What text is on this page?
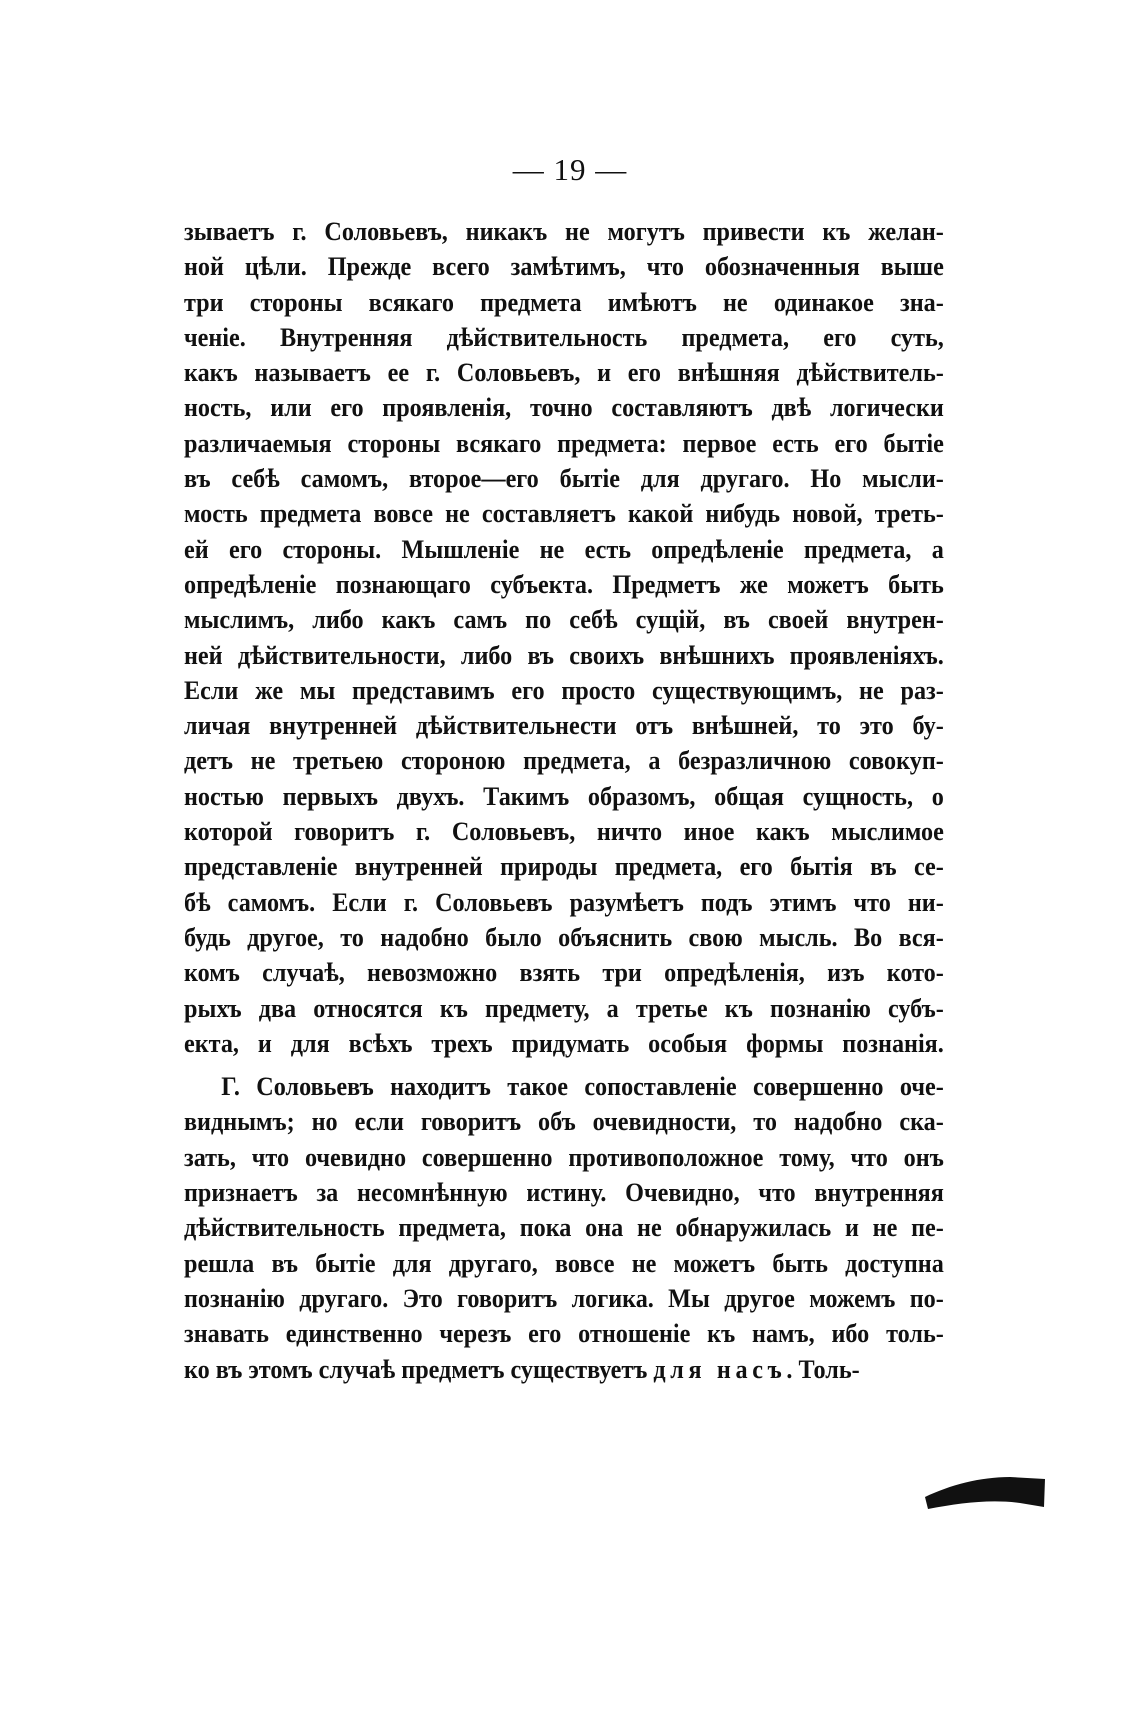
— 19 —
зываетъ г. Соловьевъ, никакъ не могутъ привести къ желан-
ной цѣли. Прежде всего замѣтимъ, что обозначенныя выше
три стороны всякаго предмета имѣютъ не одинакое зна-
ченіе. Внутренняя дѣйствительность предмета, его суть,
какъ называетъ ее г. Соловьевъ, и его внѣшняя дѣйствитель-
ность, или его проявленія, точно составляютъ двѣ логически
различаемыя стороны всякаго предмета: первое есть его бытіе
въ себѣ самомъ, второе—его бытіе для другаго. Но мысли-
мость предмета вовсе не составляетъ какой нибудь новой, треть-
ей его стороны. Мышленіе не есть опредѣленіе предмета, а
опредѣленіе познающаго субъекта. Предметъ же можетъ быть
мыслимъ, либо какъ самъ по себѣ сущій, въ своей внутрен-
ней дѣйствительности, либо въ своихъ внѣшнихъ проявленіяхъ.
Если же мы представимъ его просто существующимъ, не раз-
личая внутренней дѣйствительнести отъ внѣшней, то это бу-
детъ не третьею стороною предмета, а безразличною совокуп-
ностью первыхъ двухъ. Такимъ образомъ, общая сущность, о
которой говоритъ г. Соловьевъ, ничто иное какъ мыслимое
представленіе внутренней природы предмета, его бытія въ се-
бѣ самомъ. Если г. Соловьевъ разумѣетъ подъ этимъ что ни-
будь другое, то надобно было объяснить свою мысль. Во вся-
комъ случаѣ, невозможно взять три опредѣленія, изъ кото-
рыхъ два относятся къ предмету, а третье къ познанію субъ-
екта, и для всѣхъ трехъ придумать особыя формы познанія.
Г. Соловьевъ находитъ такое сопоставленіе совершенно оче-
виднымъ; но если говоритъ объ очевидности, то надобно ска-
зать, что очевидно совершенно противоположное тому, что онъ
признаетъ за несомнѣнную истину. Очевидно, что внутренняя
дѣйствительность предмета, пока она не обнаружилась и не пе-
решла въ бытіе для другаго, вовсе не можетъ быть доступна
познанію другаго. Это говоритъ логика. Мы другое можемъ по-
знавать единственно черезъ его отношеніе къ намъ, ибо толь-
ко въ этомъ случаѣ предметъ существуетъ для насъ. Толь-
